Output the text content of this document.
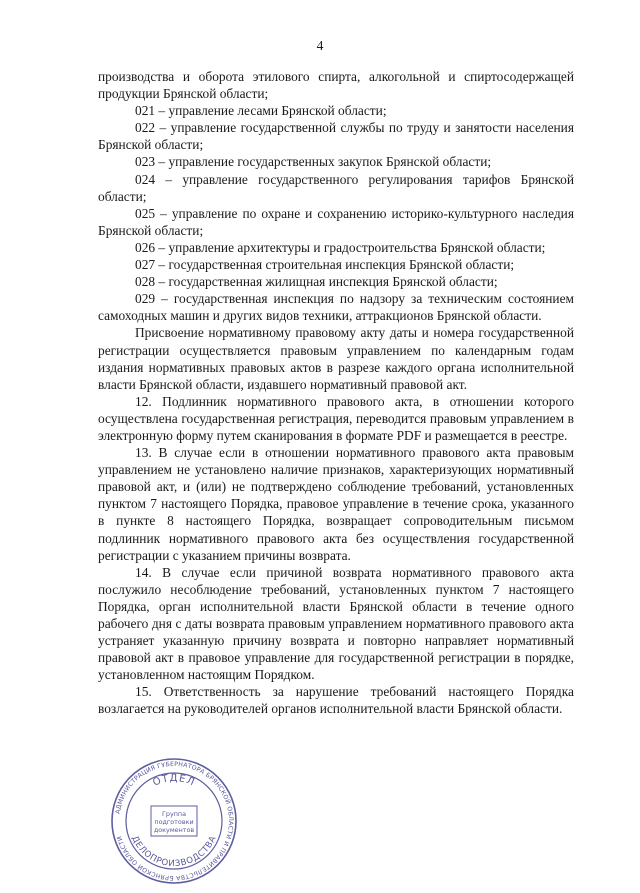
4

производства и оборота этилового спирта, алкогольной и спиртосодержащей продукции Брянской области;

021 – управление лесами Брянской области;

022 – управление государственной службы по труду и занятости населения Брянской области;

023 – управление государственных закупок Брянской области;

024 – управление государственного регулирования тарифов Брянской области;

025 – управление по охране и сохранению историко-культурного наследия Брянской области;

026 – управление архитектуры и градостроительства Брянской области;

027 – государственная строительная инспекция Брянской области;

028 – государственная жилищная инспекция Брянской области;

029 – государственная инспекция по надзору за техническим состоянием самоходных машин и других видов техники, аттракционов Брянской области.

Присвоение нормативному правовому акту даты и номера государственной регистрации осуществляется правовым управлением по календарным годам издания нормативных правовых актов в разрезе каждого органа исполнительной власти Брянской области, издавшего нормативный правовой акт.

12. Подлинник нормативного правового акта, в отношении которого осуществлена государственная регистрация, переводится правовым управлением в электронную форму путем сканирования в формате PDF и размещается в реестре.

13. В случае если в отношении нормативного правового акта правовым управлением не установлено наличие признаков, характеризующих нормативный правовой акт, и (или) не подтверждено соблюдение требований, установленных пунктом 7 настоящего Порядка, правовое управление в течение срока, указанного в пункте 8 настоящего Порядка, возвращает сопроводительным письмом подлинник нормативного правового акта без осуществления государственной регистрации с указанием причины возврата.

14. В случае если причиной возврата нормативного правового акта послужило несоблюдение требований, установленных пунктом 7 настоящего Порядка, орган исполнительной власти Брянской области в течение одного рабочего дня с даты возврата правовым управлением нормативного правового акта устраняет указанную причину возврата и повторно направляет нормативный правовой акт в правовое управление для государственной регистрации в порядке, установленном настоящим Порядком.

15. Ответственность за нарушение требований настоящего Порядка возлагается на руководителей органов исполнительной власти Брянской области.

АДМИНИСТРАЦИЯ ГУБЕРНАТОРА БРЯНСКОЙ ОБЛАСТИ И ПРАВИТЕЛЬСТВА БРЯНСКОЙ ОБЛАСТИ
ОТДЕЛ
ДЕЛОПРОИЗВОДСТВА
Группа
подготовки
документов
